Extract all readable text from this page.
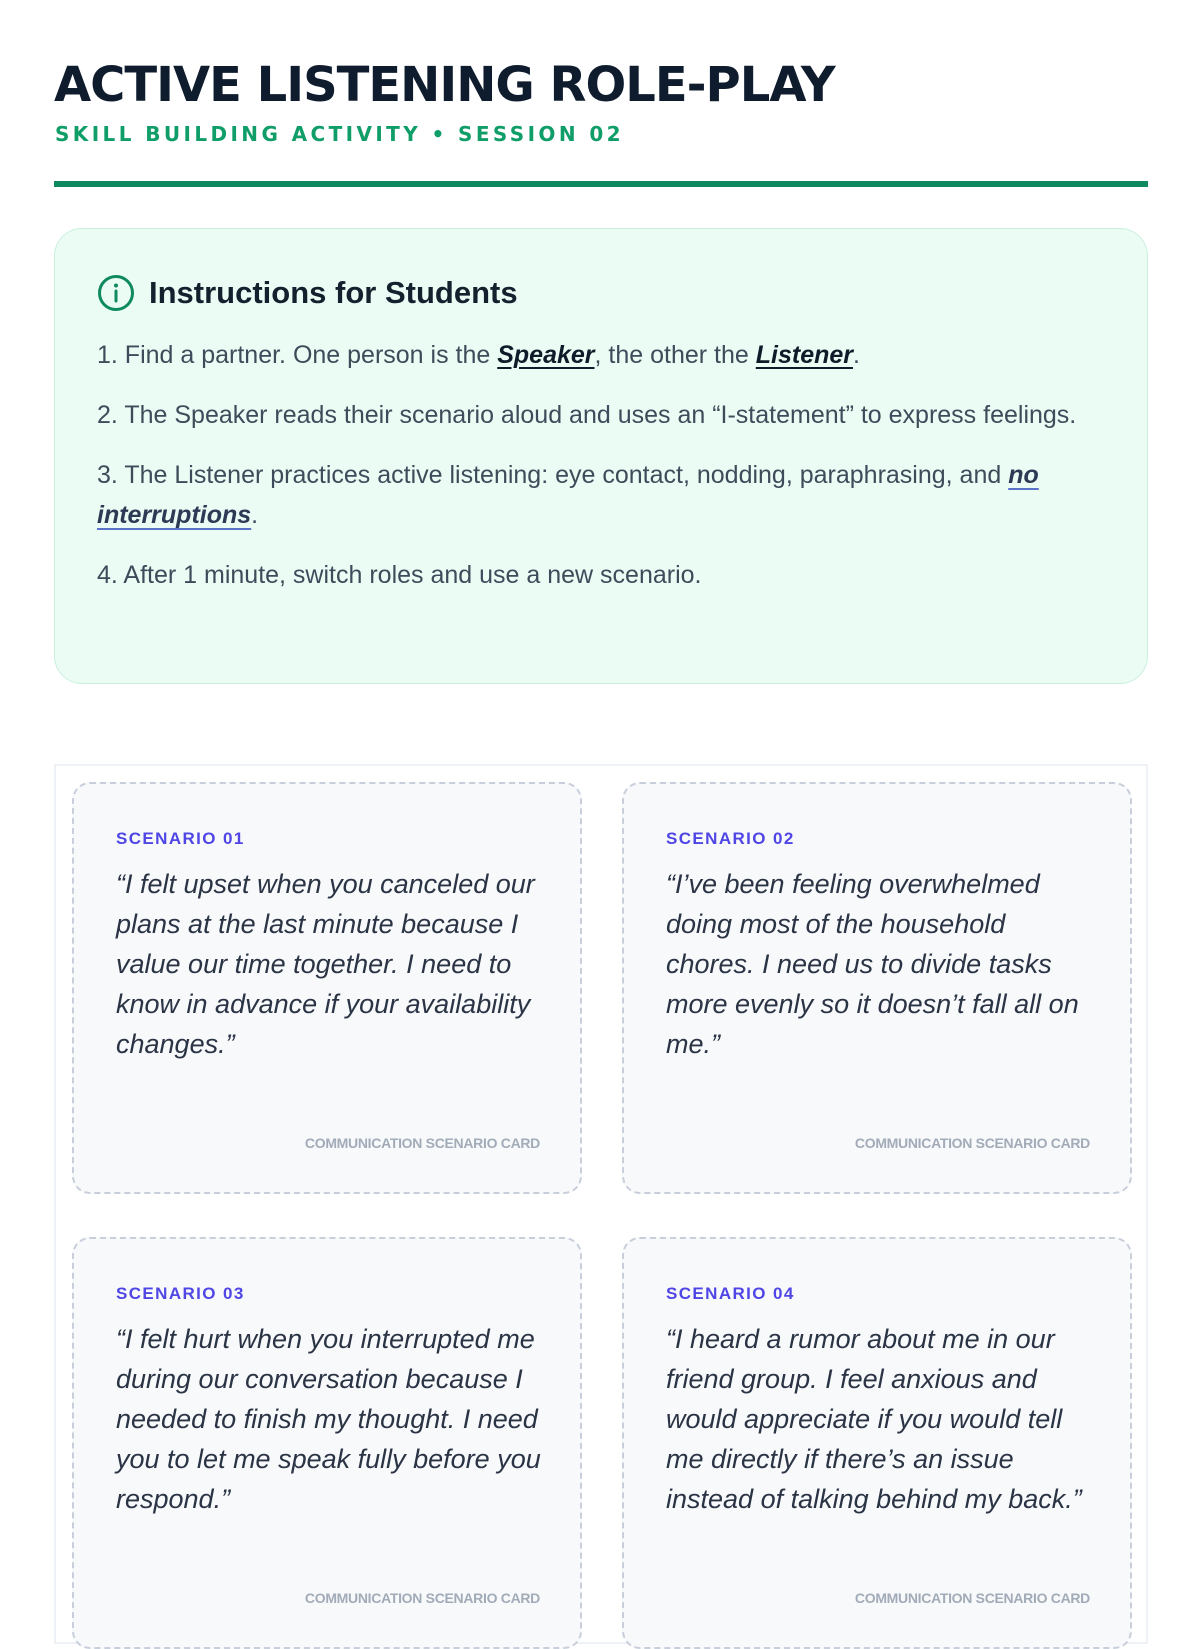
ACTIVE LISTENING ROLE-PLAY
SKILL BUILDING ACTIVITY • SESSION 02
Instructions for Students
1. Find a partner. One person is the Speaker, the other the Listener.
2. The Speaker reads their scenario aloud and uses an “I-statement” to express feelings.
3. The Listener practices active listening: eye contact, nodding, paraphrasing, and no interruptions.
4. After 1 minute, switch roles and use a new scenario.
SCENARIO 01

“I felt upset when you canceled our plans at the last minute because I value our time together. I need to know in advance if your availability changes.”

COMMUNICATION SCENARIO CARD
SCENARIO 02

“I’ve been feeling overwhelmed doing most of the household chores. I need us to divide tasks more evenly so it doesn’t fall all on me.”

COMMUNICATION SCENARIO CARD
SCENARIO 03

“I felt hurt when you interrupted me during our conversation because I needed to finish my thought. I need you to let me speak fully before you respond.”

COMMUNICATION SCENARIO CARD
SCENARIO 04

“I heard a rumor about me in our friend group. I feel anxious and would appreciate if you would tell me directly if there’s an issue instead of talking behind my back.”

COMMUNICATION SCENARIO CARD
